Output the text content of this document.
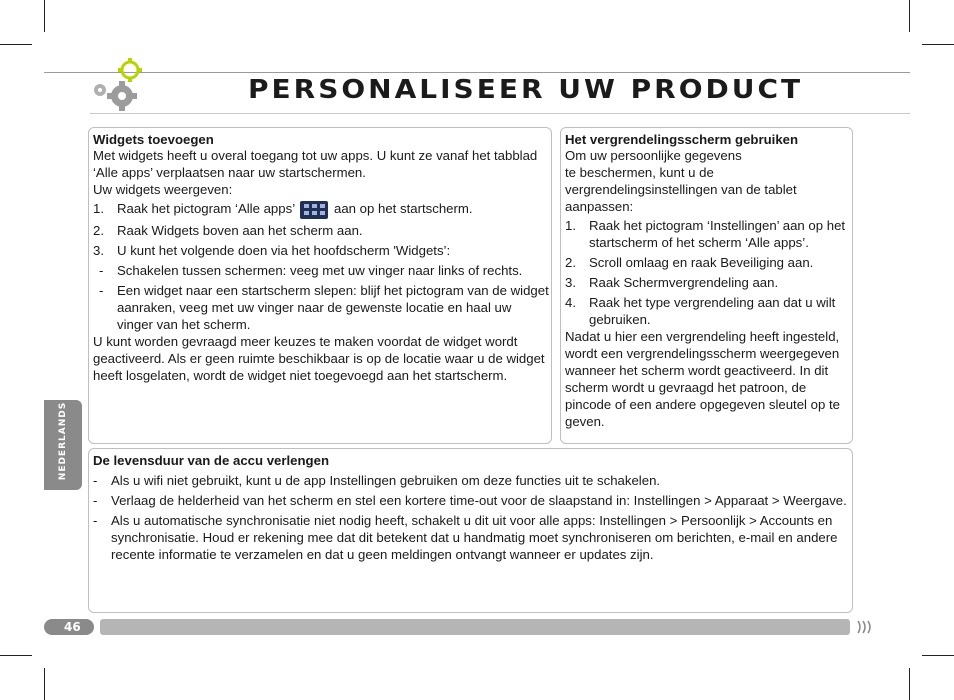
PERSONALISEER UW PRODUCT
NEDERLANDS
Widgets toevoegen

Met widgets heeft u overal toegang tot uw apps. U kunt ze vanaf het tabblad ‘Alle apps’ verplaatsen naar uw startschermen.

Uw widgets weergeven:

1. Raak het pictogram ‘Alle apps’	aan op het startscherm.
2. Raak Widgets boven aan het scherm aan.
3. U kunt het volgende doen via het hoofdscherm 'Widgets’:
- Schakelen tussen schermen: veeg met uw vinger naar links of rechts.
- Een widget naar een startscherm slepen: blijf het pictogram van de widget aanraken, veeg met uw vinger naar de gewenste locatie en haal uw vinger van het scherm.

U kunt worden gevraagd meer keuzes te maken voordat de widget wordt geactiveerd. Als er geen ruimte beschikbaar is op de locatie waar u de widget heeft losgelaten, wordt de widget niet toegevoegd aan het startscherm.

Het vergrendelingsscherm gebruiken

Om uw persoonlijke gegevens

te beschermen, kunt u de vergrendelingsinstellingen van de tablet aanpassen:

1. Raak het pictogram ‘Instellingen’ aan op het startscherm of het scherm ‘Alle apps’.
2. Scroll omlaag en raak Beveiliging aan.
3. Raak Schermvergrendeling aan.
4. Raak het type vergrendeling aan dat u wilt gebruiken.

Nadat u hier een vergrendeling heeft ingesteld, wordt een vergrendelingsscherm weergegeven wanneer het scherm wordt geactiveerd. In dit scherm wordt u gevraagd het patroon, de pincode of een andere opgegeven sleutel op te geven.

De levensduur van de accu verlengen
- Als u wifi niet gebruikt, kunt u de app Instellingen gebruiken om deze functies uit te schakelen.
- Verlaag de helderheid van het scherm en stel een kortere time-out voor de slaapstand in: Instellingen > Apparaat > Weergave.
- Als u automatische synchronisatie niet nodig heeft, schakelt u dit uit voor alle apps: Instellingen > Persoonlijk > Accounts en synchronisatie. Houd er rekening mee dat dit betekent dat u handmatig moet synchroniseren om berichten, e-mail en andere recente informatie te verzamelen en dat u geen meldingen ontvangt wanneer er updates zijn.
46
